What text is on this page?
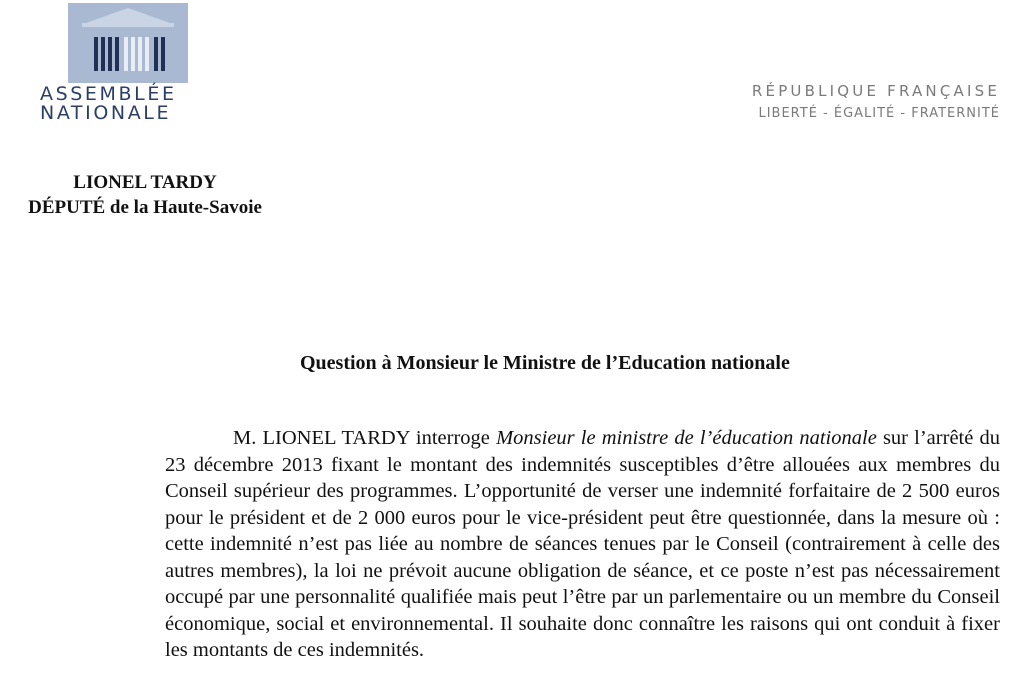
ASSEMBLÉE
NATIONALE
RÉPUBLIQUE FRANÇAISE
LIBERTÉ - ÉGALITÉ - FRATERNITÉ
LIONEL TARDY
DÉPUTÉ de la Haute-Savoie
Question à Monsieur le Ministre de l’Education nationale

M. LIONEL TARDY interroge Monsieur le ministre de l’éducation nationale sur l’arrêté du 23 décembre 2013 fixant le montant des indemnités susceptibles d’être allouées aux membres du Conseil supérieur des programmes. L’opportunité de verser une indemnité forfaitaire de 2 500 euros pour le président et de 2 000 euros pour le vice-président peut être questionnée, dans la mesure où : cette indemnité n’est pas liée au nombre de séances tenues par le Conseil (contrairement à celle des autres membres), la loi ne prévoit aucune obligation de séance, et ce poste n’est pas nécessairement occupé par une personnalité qualifiée mais peut l’être par un parlementaire ou un membre du Conseil économique, social et environnemental. Il souhaite donc connaître les raisons qui ont conduit à fixer les montants de ces indemnités.
